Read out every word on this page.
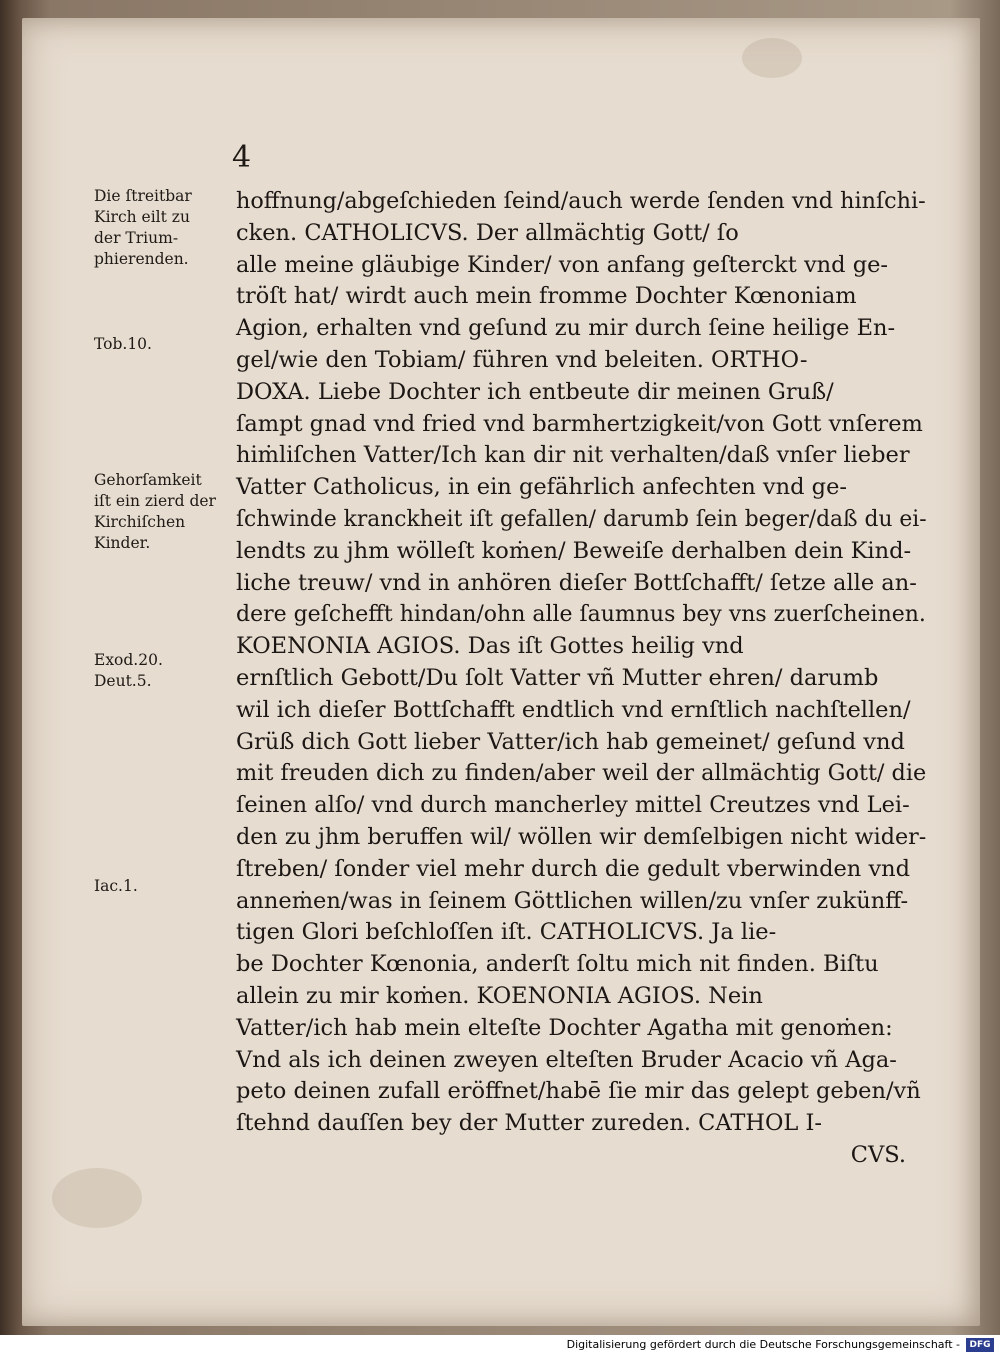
4
Die ſtreitbar
Kirch eilt zu
der Trium-
phierenden.
Tob.10.
Gehorſamkeit
iſt ein zierd der
Kirchiſchen
Kinder.
Exod.20.
Deut.5.
Iac.1.
hoffnung/abgeſchieden ſeind/auch werde ſenden vnd hinſchi-
cken. CATHOLICVS. Der allmächtig Gott/ ſo
alle meine gläubige Kinder/ von anfang geſterckt vnd ge-
tröſt hat/ wirdt auch mein fromme Dochter Kœnoniam
Agion, erhalten vnd geſund zu mir durch ſeine heilige En-
gel/wie den Tobiam/ führen vnd beleiten. ORTHO-
DOXA. Liebe Dochter ich entbeute dir meinen Gruß/
ſampt gnad vnd fried vnd barmhertzigkeit/von Gott vnſerem
hiṁliſchen Vatter/Ich kan dir nit verhalten/daß vnſer lieber
Vatter Catholicus, in ein gefährlich anfechten vnd ge-
ſchwinde kranckheit iſt gefallen/ darumb ſein beger/daß du ei-
lendts zu jhm wölleſt koṁen/ Beweiſe derhalben dein Kind-
liche treuw/ vnd in anhören dieſer Bottſchafft/ ſetze alle an-
dere geſchefft hindan/ohn alle ſaumnus bey vns zuerſcheinen.
KOENONIA AGIOS. Das iſt Gottes heilig vnd
ernſtlich Gebott/Du ſolt Vatter vñ Mutter ehren/ darumb
wil ich dieſer Bottſchafft endtlich vnd ernſtlich nachſtellen/
Grüß dich Gott lieber Vatter/ich hab gemeinet/ geſund vnd
mit freuden dich zu finden/aber weil der allmächtig Gott/ die
ſeinen alſo/ vnd durch mancherley mittel Creutzes vnd Lei-
den zu jhm beruffen wil/ wöllen wir demſelbigen nicht wider-
ſtreben/ ſonder viel mehr durch die gedult vberwinden vnd
anneṁen/was in ſeinem Göttlichen willen/zu vnſer zukünff-
tigen Glori beſchloſſen iſt. CATHOLICVS. Ja lie-
be Dochter Kœnonia, anderſt ſoltu mich nit finden. Biſtu
allein zu mir koṁen. KOENONIA AGIOS. Nein
Vatter/ich hab mein elteſte Dochter Agatha mit genoṁen:
Vnd als ich deinen zweyen elteſten Bruder Acacio vñ Aga-
peto deinen zufall eröffnet/habē ſie mir das gelept geben/vñ
ſtehnd dauſſen bey der Mutter zureden. CATHOL I-
CVS.
Digitalisierung gefördert durch die Deutsche Forschungsgemeinschaft -	DFG
